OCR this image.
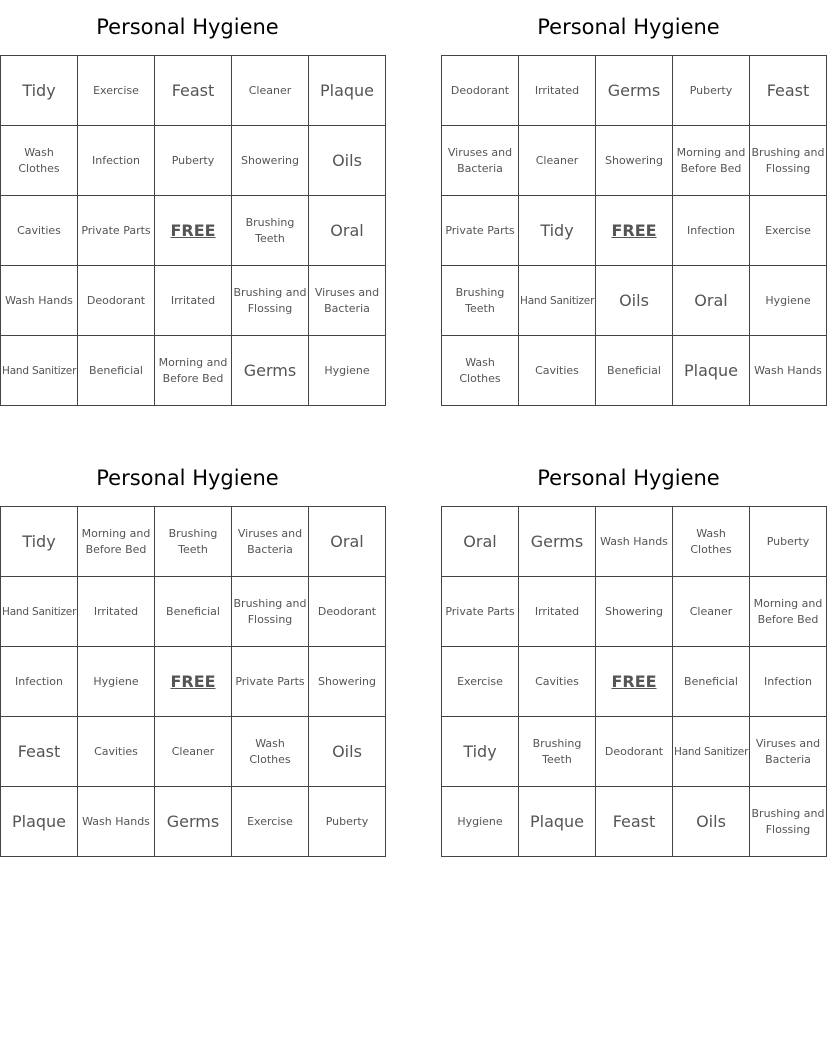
Personal Hygiene
Tidy	Exercise	Feast	Cleaner	Plaque
Wash Clothes	Infection	Puberty	Showering	Oils
Cavities	Private Parts	FREE	Brushing Teeth	Oral
Wash Hands	Deodorant	Irritated	Brushing and Flossing	Viruses and Bacteria
Hand Sanitizer	Beneficial	Morning and Before Bed	Germs	Hygiene
Personal Hygiene
Deodorant	Irritated	Germs	Puberty	Feast
Viruses and Bacteria	Cleaner	Showering	Morning and Before Bed	Brushing and Flossing
Private Parts	Tidy	FREE	Infection	Exercise
Brushing Teeth	Hand Sanitizer	Oils	Oral	Hygiene
Wash Clothes	Cavities	Beneficial	Plaque	Wash Hands
Personal Hygiene
Tidy	Morning and Before Bed	Brushing Teeth	Viruses and Bacteria	Oral
Hand Sanitizer	Irritated	Beneficial	Brushing and Flossing	Deodorant
Infection	Hygiene	FREE	Private Parts	Showering
Feast	Cavities	Cleaner	Wash Clothes	Oils
Plaque	Wash Hands	Germs	Exercise	Puberty
Personal Hygiene
Oral	Germs	Wash Hands	Wash Clothes	Puberty
Private Parts	Irritated	Showering	Cleaner	Morning and Before Bed
Exercise	Cavities	FREE	Beneficial	Infection
Tidy	Brushing Teeth	Deodorant	Hand Sanitizer	Viruses and Bacteria
Hygiene	Plaque	Feast	Oils	Brushing and Flossing
